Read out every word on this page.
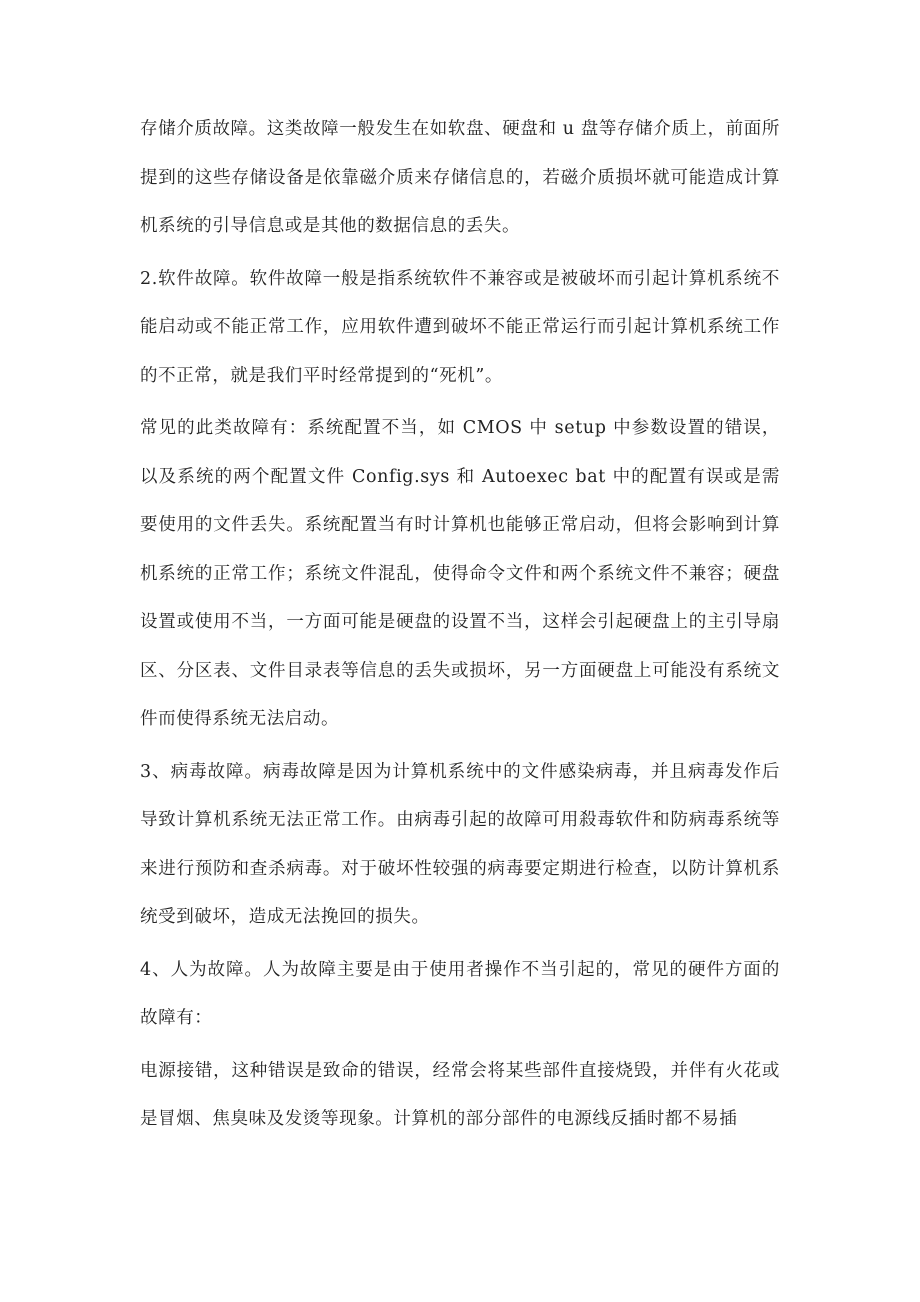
存储介质故障。这类故障一般发生在如软盘、硬盘和 u 盘等存储介质上，前面所提到的这些存储设备是依靠磁介质来存储信息的，若磁介质损坏就可能造成计算机系统的引导信息或是其他的数据信息的丢失。

2.软件故障。软件故障一般是指系统软件不兼容或是被破坏而引起计算机系统不能启动或不能正常工作，应用软件遭到破坏不能正常运行而引起计算机系统工作的不正常，就是我们平时经常提到的“死机”。

常见的此类故障有：系统配置不当，如 CMOS 中 setup 中参数设置的错误，以及系统的两个配置文件 Config.sys 和 Autoexec bat 中的配置有误或是需要使用的文件丢失。系统配置当有时计算机也能够正常启动，但将会影响到计算机系统的正常工作；系统文件混乱，使得命令文件和两个系统文件不兼容；硬盘设置或使用不当，一方面可能是硬盘的设置不当，这样会引起硬盘上的主引导扇区、分区表、文件目录表等信息的丢失或损坏，另一方面硬盘上可能没有系统文件而使得系统无法启动。

3、病毒故障。病毒故障是因为计算机系统中的文件感染病毒，并且病毒发作后导致计算机系统无法正常工作。由病毒引起的故障可用殺毒软件和防病毒系统等来进行预防和查杀病毒。对于破坏性较强的病毒要定期进行检查，以防计算机系统受到破坏，造成无法挽回的损失。

4、人为故障。人为故障主要是由于使用者操作不当引起的，常见的硬件方面的故障有：

电源接错，这种错误是致命的错误，经常会将某些部件直接烧毁，并伴有火花或是冒烟、焦臭味及发烫等现象。计算机的部分部件的电源线反插时都不易插
